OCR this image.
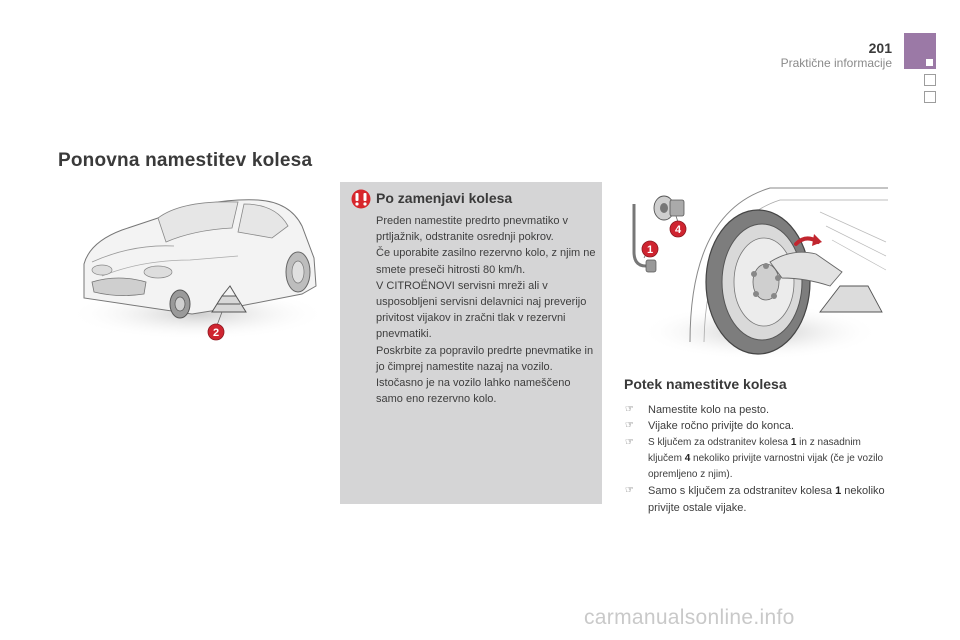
201
Praktične informacije
Ponovna namestitev kolesa
2
Po zamenjavi kolesa

Preden namestite predrto pnevmatiko v prtljažnik, odstranite osrednji pokrov.

Če uporabite zasilno rezervno kolo, z njim ne smete preseči hitrosti 80 km/h.

V CITROËNOVI servisni mreži ali v usposobljeni servisni delavnici naj preverijo privitost vijakov in zračni tlak v rezervni pnevmatiki.

Poskrbite za popravilo predrte pnevmatike in jo čimprej namestite nazaj na vozilo.

Istočasno je na vozilo lahko nameščeno samo eno rezervno kolo.

1
4
Potek namestitve kolesa
☞ Namestite kolo na pesto.
☞ Vijake ročno privijte do konca.
☞ S ključem za odstranitev kolesa 1 in z nasadnim ključem 4 nekoliko privijte varnostni vijak (če je vozilo opremljeno z njim).
☞ Samo s ključem za odstranitev kolesa 1 nekoliko privijte ostale vijake.
carmanualsonline.info
